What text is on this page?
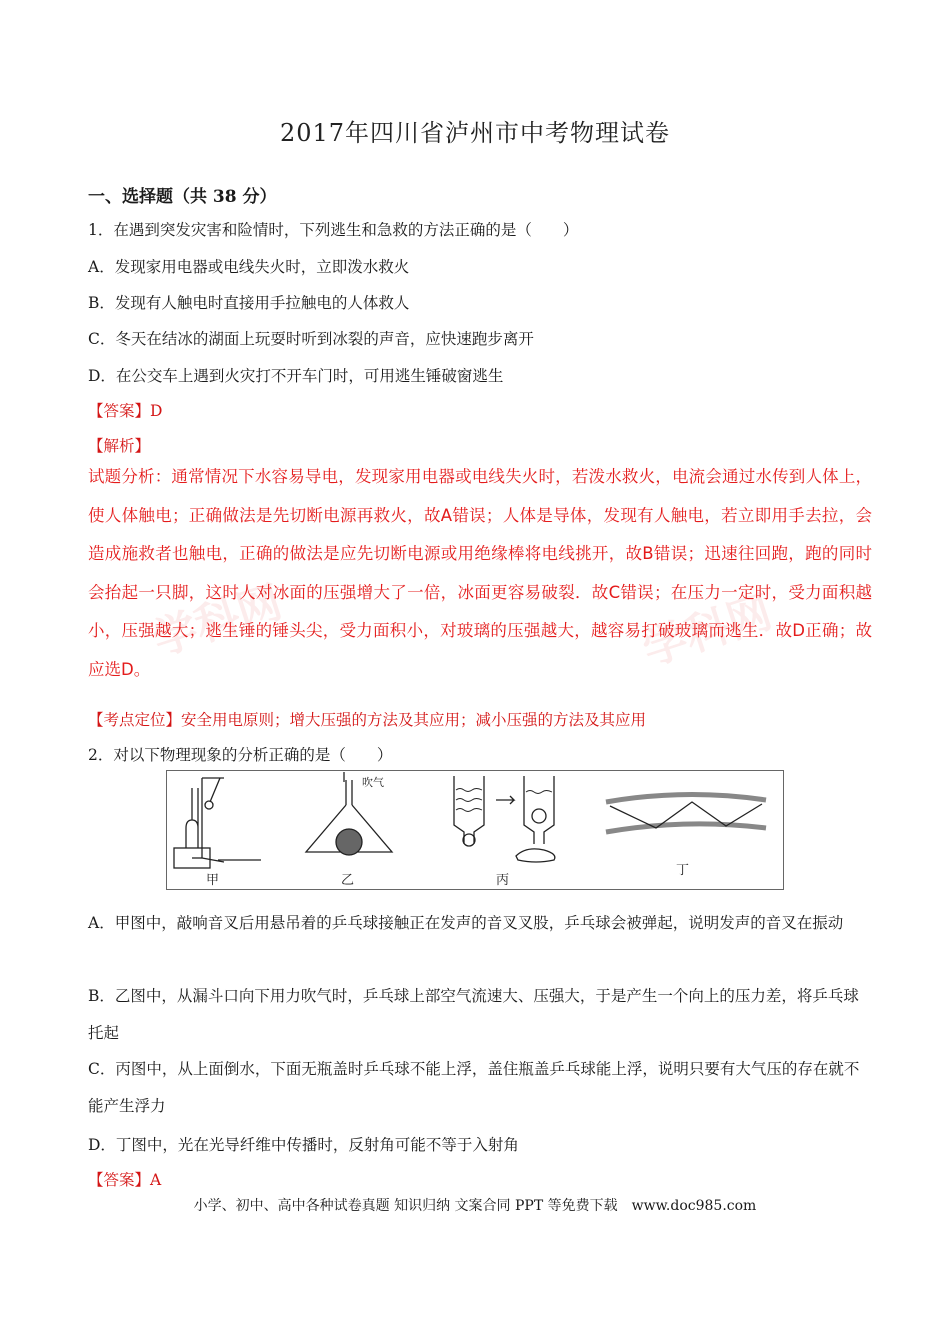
2017年四川省泸州市中考物理试卷
一、选择题（共 38 分）
1．在遇到突发灾害和险情时，下列逃生和急救的方法正确的是（　　）
A．发现家用电器或电线失火时，立即泼水救火
B．发现有人触电时直接用手拉触电的人体救人
C．冬天在结冰的湖面上玩耍时听到冰裂的声音，应快速跑步离开
D．在公交车上遇到火灾打不开车门时，可用逃生锤破窗逃生
【答案】D
【解析】
学科网	学科网
试题分析：通常情况下水容易导电，发现家用电器或电线失火时，若泼水救火，电流会通过水传到人体上，使人体触电；正确做法是先切断电源再救火，故A错误；人体是导体，发现有人触电，若立即用手去拉，会造成施救者也触电，正确的做法是应先切断电源或用绝缘棒将电线挑开，故B错误；迅速往回跑，跑的同时会抬起一只脚，这时人对冰面的压强增大了一倍，冰面更容易破裂．故C错误；在压力一定时，受力面积越小，压强越大；逃生锤的锤头尖，受力面积小，对玻璃的压强越大，越容易打破玻璃而逃生．故D正确；故应选D。
【考点定位】安全用电原则；增大压强的方法及其应用；减小压强的方法及其应用
2．对以下物理现象的分析正确的是（　　）
吹气
甲	乙	丙
丁
A．甲图中，敲响音叉后用悬吊着的乒乓球接触正在发声的音叉叉股，乒乓球会被弹起，说明发声的音叉在振动
B．乙图中，从漏斗口向下用力吹气时，乒乓球上部空气流速大、压强大，于是产生一个向上的压力差，将乒乓球托起
C．丙图中，从上面倒水，下面无瓶盖时乒乓球不能上浮，盖住瓶盖乒乓球能上浮，说明只要有大气压的存在就不能产生浮力
D．丁图中，光在光导纤维中传播时，反射角可能不等于入射角
【答案】A
小学、初中、高中各种试卷真题 知识归纳 文案合同 PPT 等免费下载　www.doc985.com
